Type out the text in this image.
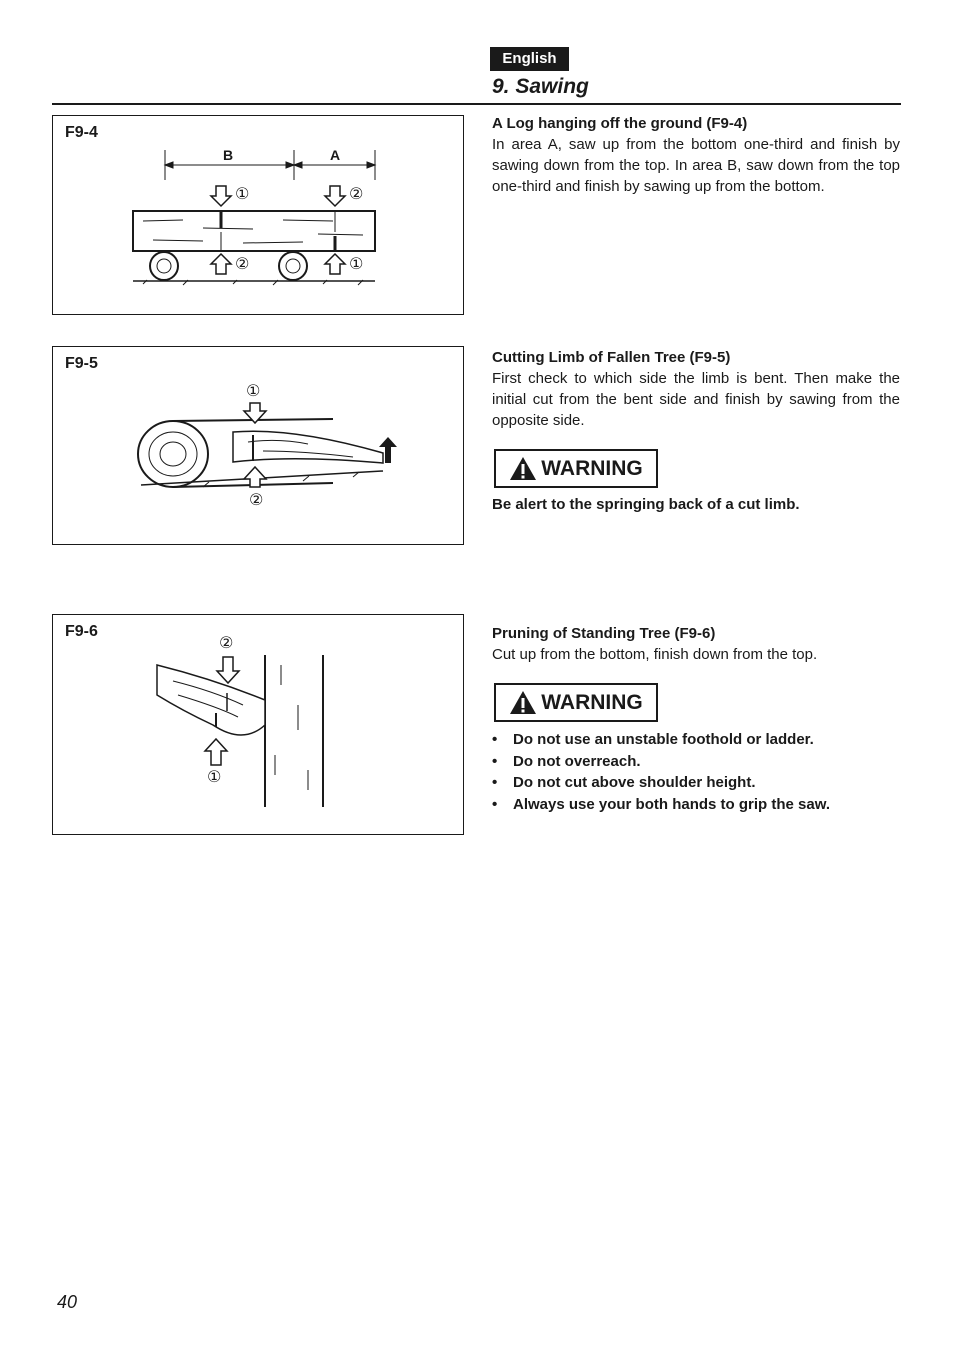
English
9. Sawing
F9-4
B	A
①	②
②	①
F9-5
①
②
F9-6
②
①
A Log hanging off the ground (F9-4)

In area A, saw up from the bottom one-third and finish by sawing down from the top. In area B, saw down from the top one-third and finish by sawing up from the bottom.

Cutting Limb of Fallen Tree (F9-5)

First check to which side the limb is bent. Then make the initial cut from the bent side and finish by sawing from the opposite side.

WARNING
Be alert to the springing back of a cut limb.
Pruning of Standing Tree (F9-6)

Cut up from the bottom, finish down from the top.

WARNING
• Do not use an unstable foothold or ladder.
• Do not overreach.
• Do not cut above shoulder height.
• Always use your both hands to grip the saw.
40
